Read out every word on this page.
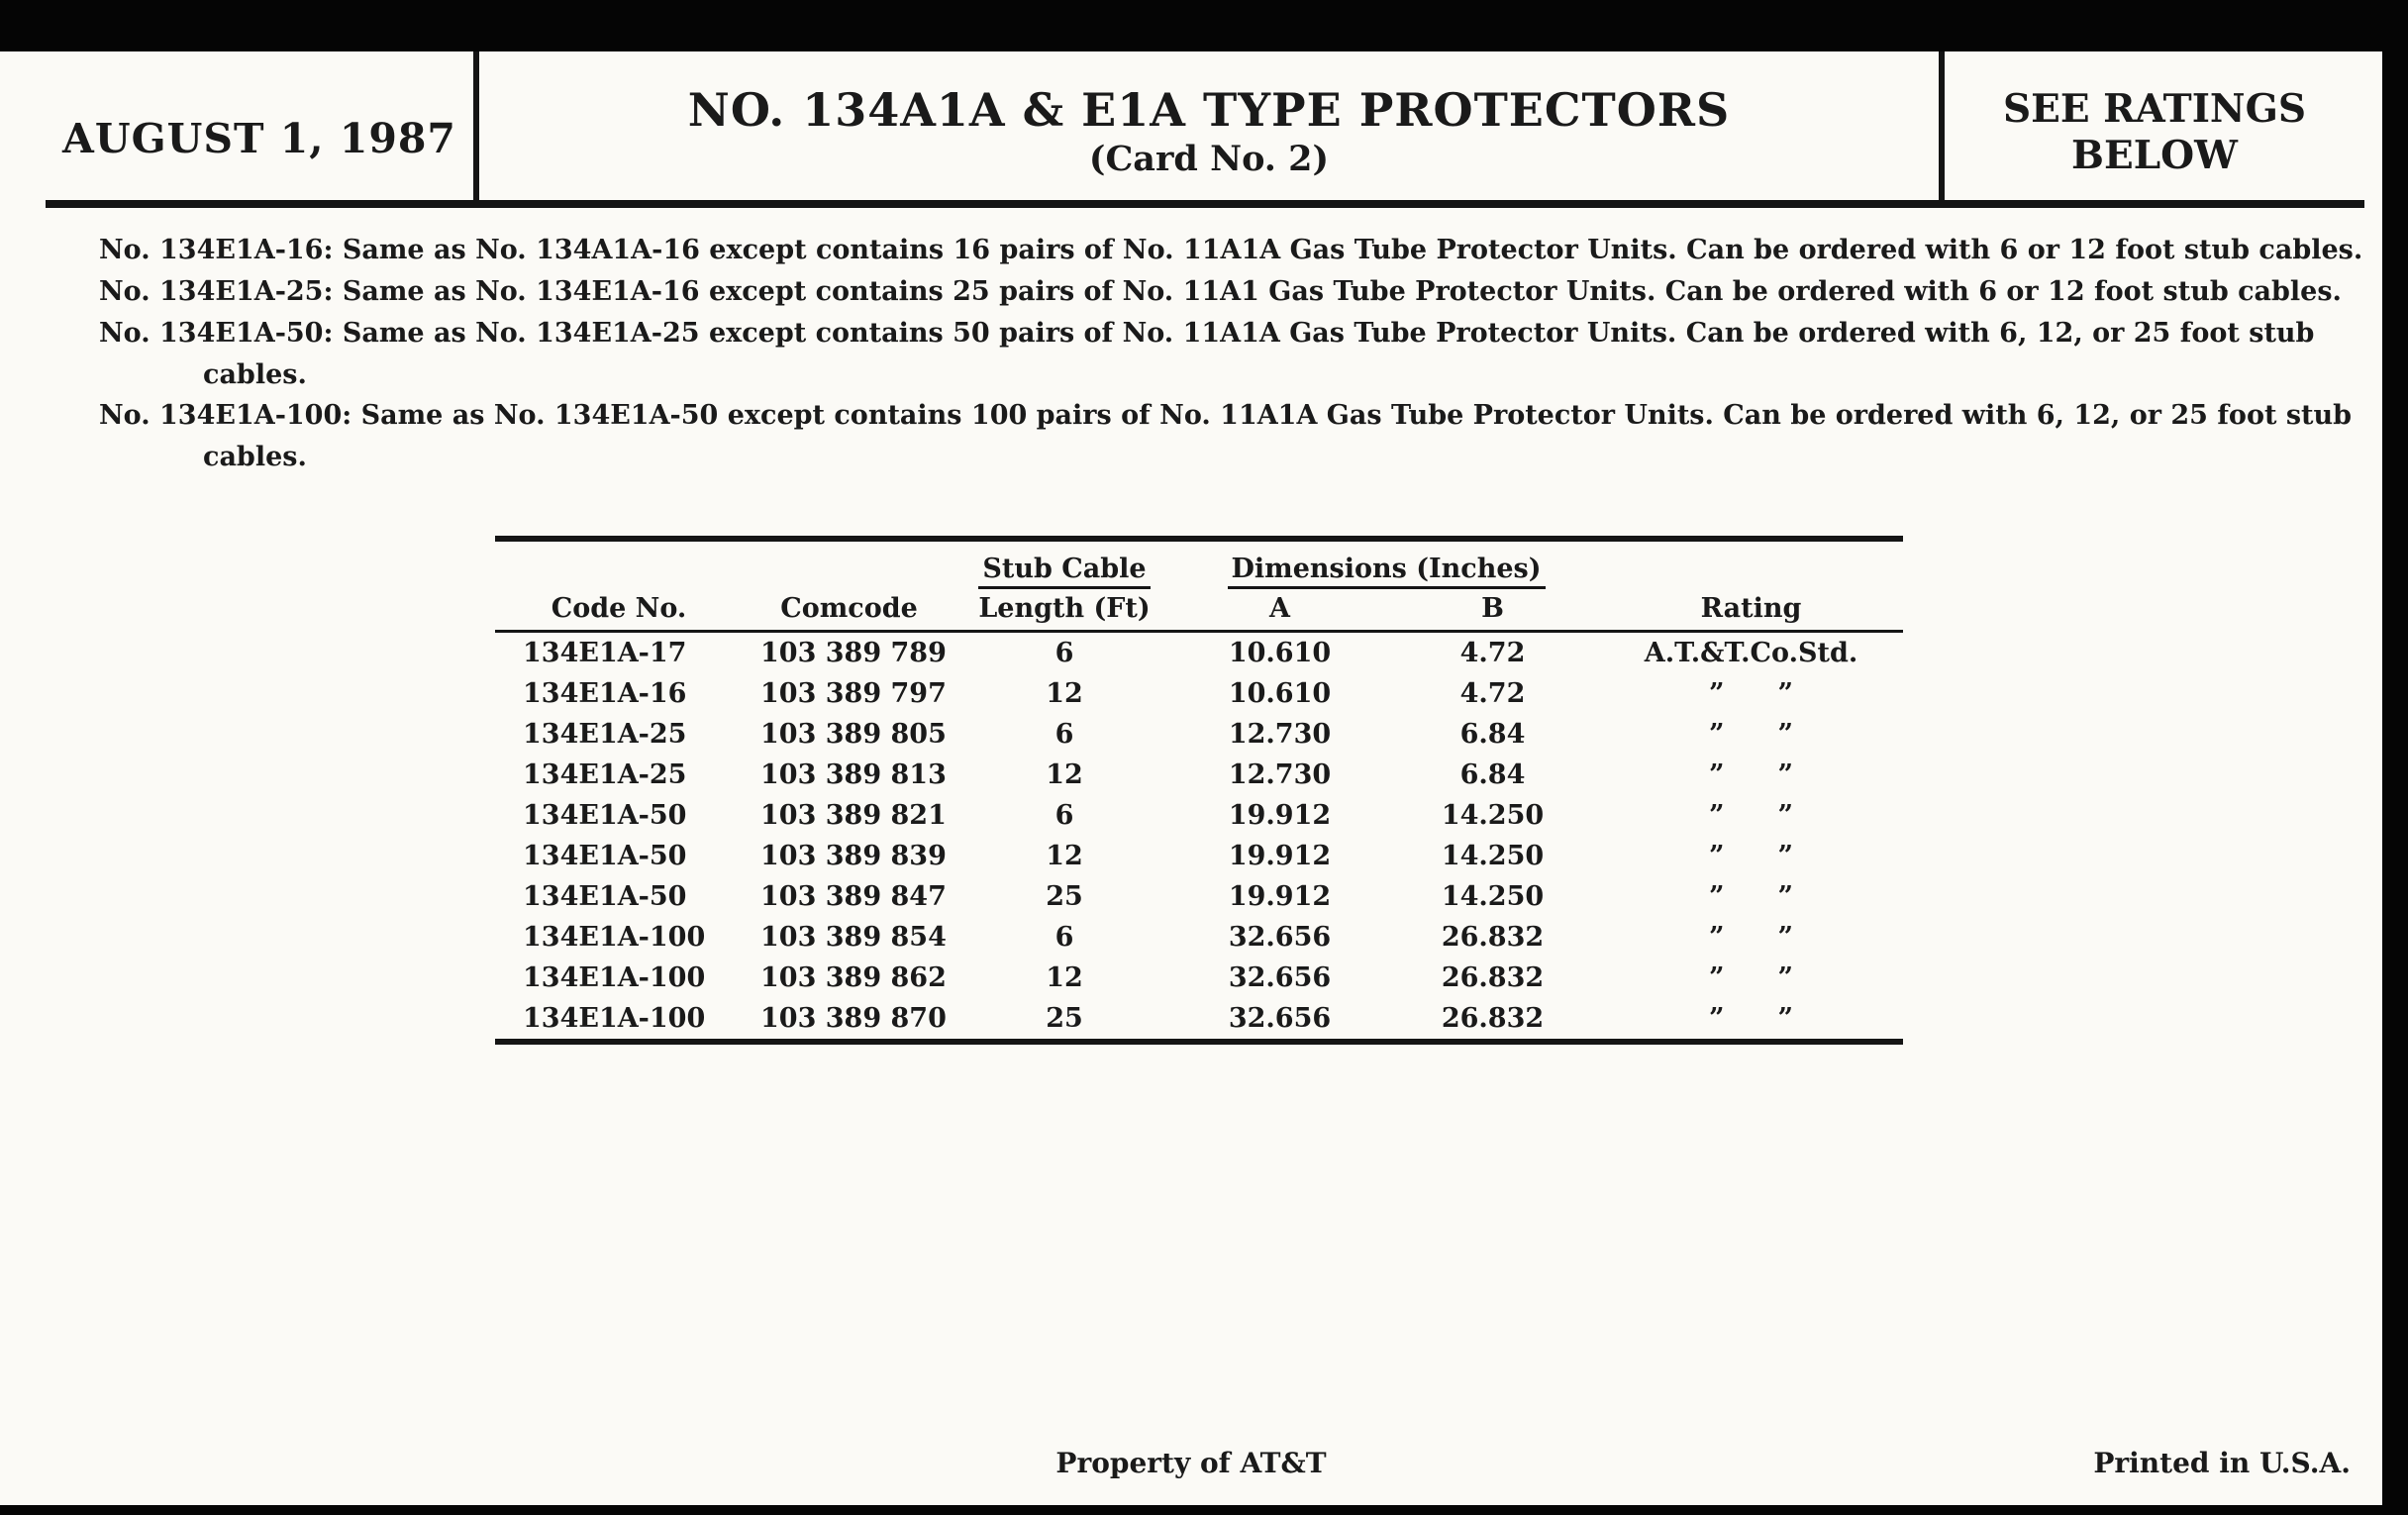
AUGUST 1, 1987
NO. 134A1A & E1A TYPE PROTECTORS
(Card No. 2)
SEE RATINGS
BELOW
No. 134E1A-16: Same as No. 134A1A-16 except contains 16 pairs of No. 11A1A Gas Tube Protector Units. Can be ordered with 6 or 12 foot stub cables.
No. 134E1A-25: Same as No. 134E1A-16 except contains 25 pairs of No. 11A1 Gas Tube Protector Units. Can be ordered with 6 or 12 foot stub cables.
No. 134E1A-50: Same as No. 134E1A-25 except contains 50 pairs of No. 11A1A Gas Tube Protector Units. Can be ordered with 6, 12, or 25 foot stub
cables.
No. 134E1A-100: Same as No. 134E1A-50 except contains 100 pairs of No. 11A1A Gas Tube Protector Units. Can be ordered with 6, 12, or 25 foot stub
cables.
		Stub Cable	Dimensions (Inches)		
Code No.	Comcode	Length (Ft)	A	B	Rating
134E1A-17	103 389 789	6	10.610	4.72	A.T.&T.Co.Std.
134E1A-16	103 389 797	12	10.610	4.72	”  ”
134E1A-25	103 389 805	6	12.730	6.84	”  ”
134E1A-25	103 389 813	12	12.730	6.84	”  ”
134E1A-50	103 389 821	6	19.912	14.250	”  ”
134E1A-50	103 389 839	12	19.912	14.250	”  ”
134E1A-50	103 389 847	25	19.912	14.250	”  ”
134E1A-100	103 389 854	6	32.656	26.832	”  ”
134E1A-100	103 389 862	12	32.656	26.832	”  ”
134E1A-100	103 389 870	25	32.656	26.832	”  ”
Property of AT&T	Printed in U.S.A.
